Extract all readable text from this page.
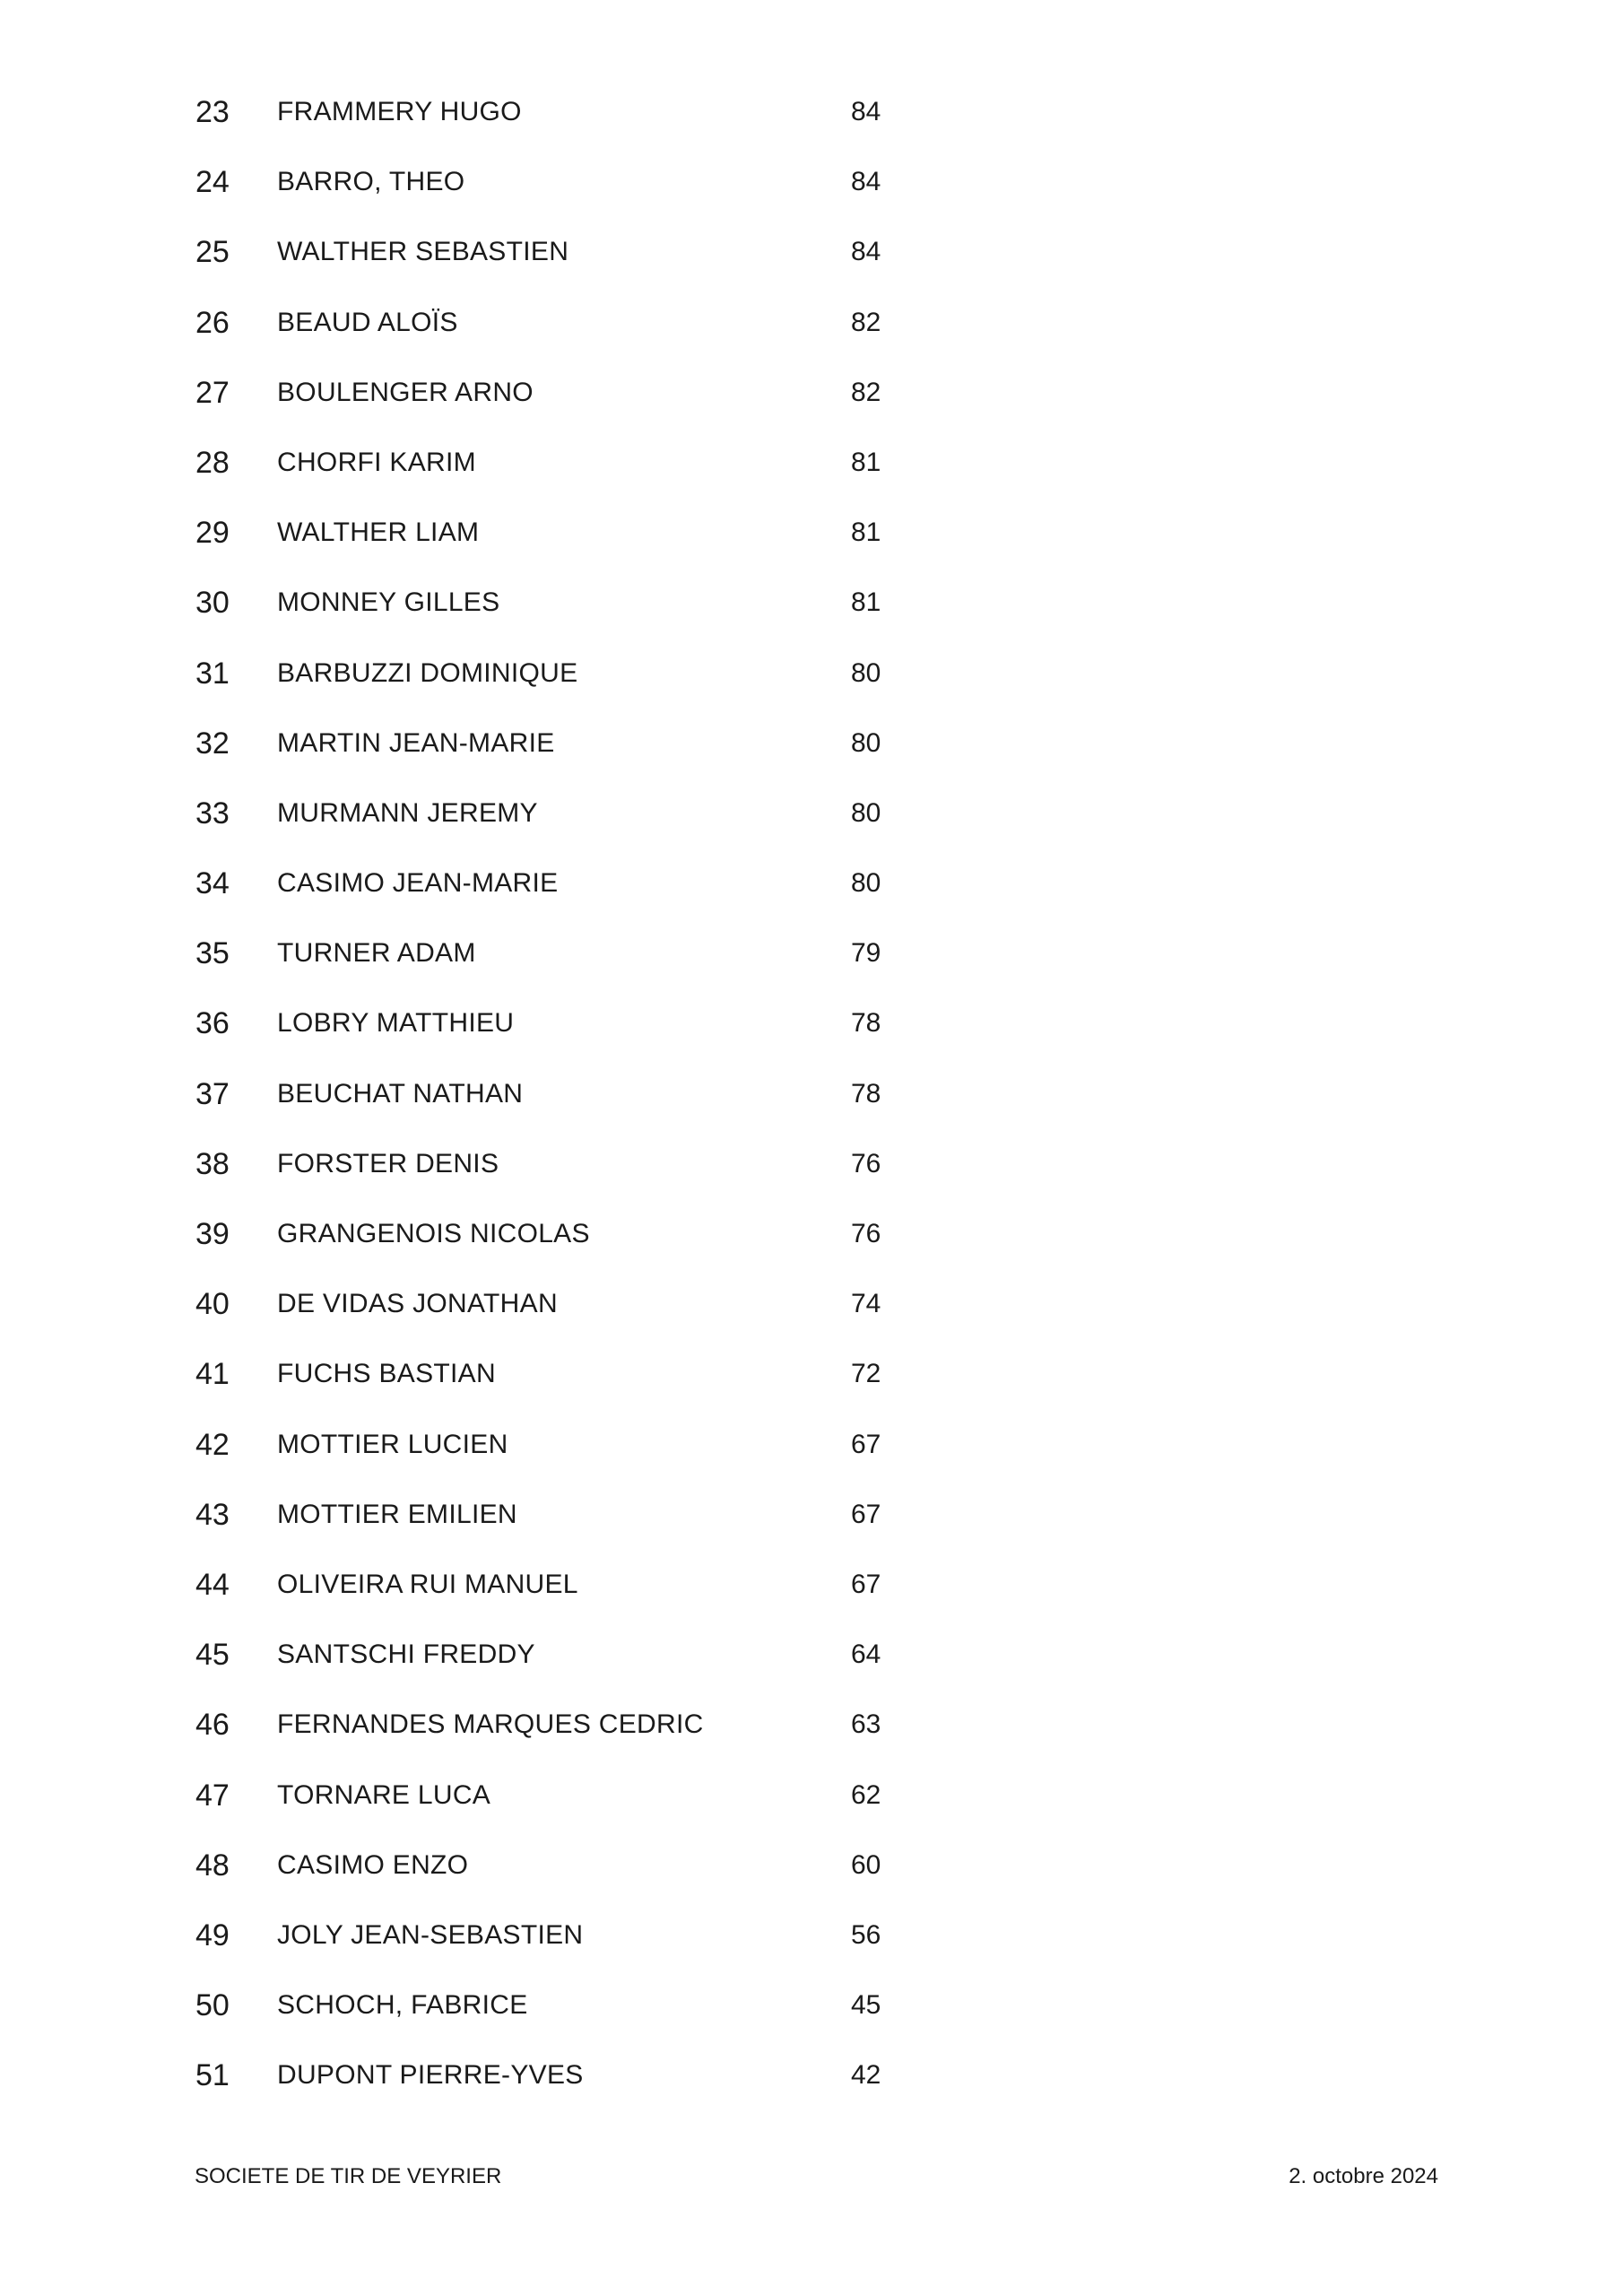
23 FRAMMERY HUGO	84
24 BARRO, THEO	84
25 WALTHER SEBASTIEN	84
26 BEAUD ALOÏS	82
27 BOULENGER ARNO	82
28 CHORFI KARIM	81
29 WALTHER LIAM	81
30 MONNEY GILLES	81
31 BARBUZZI DOMINIQUE	80
32 MARTIN JEAN-MARIE	80
33 MURMANN JEREMY	80
34 CASIMO JEAN-MARIE	80
35 TURNER ADAM	79
36 LOBRY MATTHIEU	78
37 BEUCHAT NATHAN	78
38 FORSTER DENIS	76
39 GRANGENOIS NICOLAS	76
40 DE VIDAS JONATHAN	74
41 FUCHS BASTIAN	72
42 MOTTIER LUCIEN	67
43 MOTTIER EMILIEN	67
44 OLIVEIRA RUI MANUEL	67
45 SANTSCHI FREDDY	64
46 FERNANDES MARQUES CEDRIC	63
47 TORNARE LUCA	62
48 CASIMO ENZO	60
49 JOLY JEAN-SEBASTIEN	56
50 SCHOCH, FABRICE	45
51 DUPONT PIERRE-YVES	42
SOCIETE DE TIR DE VEYRIER	2. octobre 2024
